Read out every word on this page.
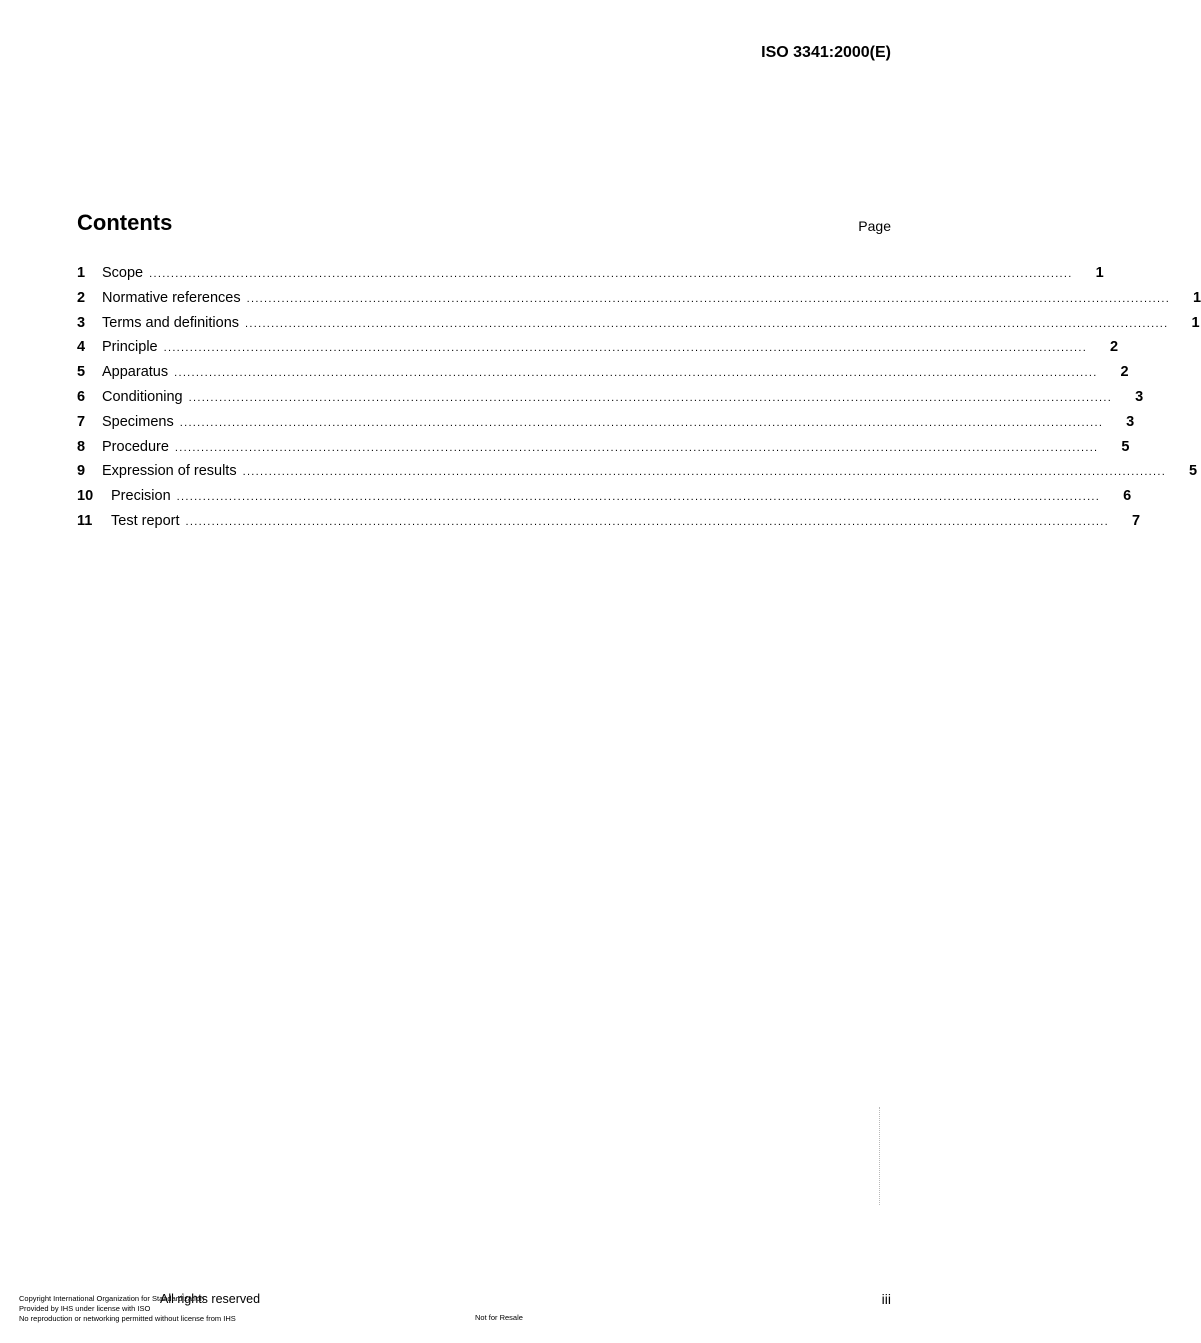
ISO 3341:2000(E)
Contents	Page
1	Scope ....................................................................................................................................................................................................................	1
2	Normative references ....................................................................................................................................................................................................................	1
3	Terms and definitions ....................................................................................................................................................................................................................	1
4	Principle ....................................................................................................................................................................................................................	2
5	Apparatus ....................................................................................................................................................................................................................	2
6	Conditioning ....................................................................................................................................................................................................................	3
7	Specimens ....................................................................................................................................................................................................................	3
8	Procedure ....................................................................................................................................................................................................................	5
9	Expression of results ....................................................................................................................................................................................................................	5
10	Precision ....................................................................................................................................................................................................................	6
11	Test report ....................................................................................................................................................................................................................	7
All rights reserved
Copyright International Organization for Standardization
Provided by IHS under license with ISO
No reproduction or networking permitted without license from IHS	Not for Resale
iii
